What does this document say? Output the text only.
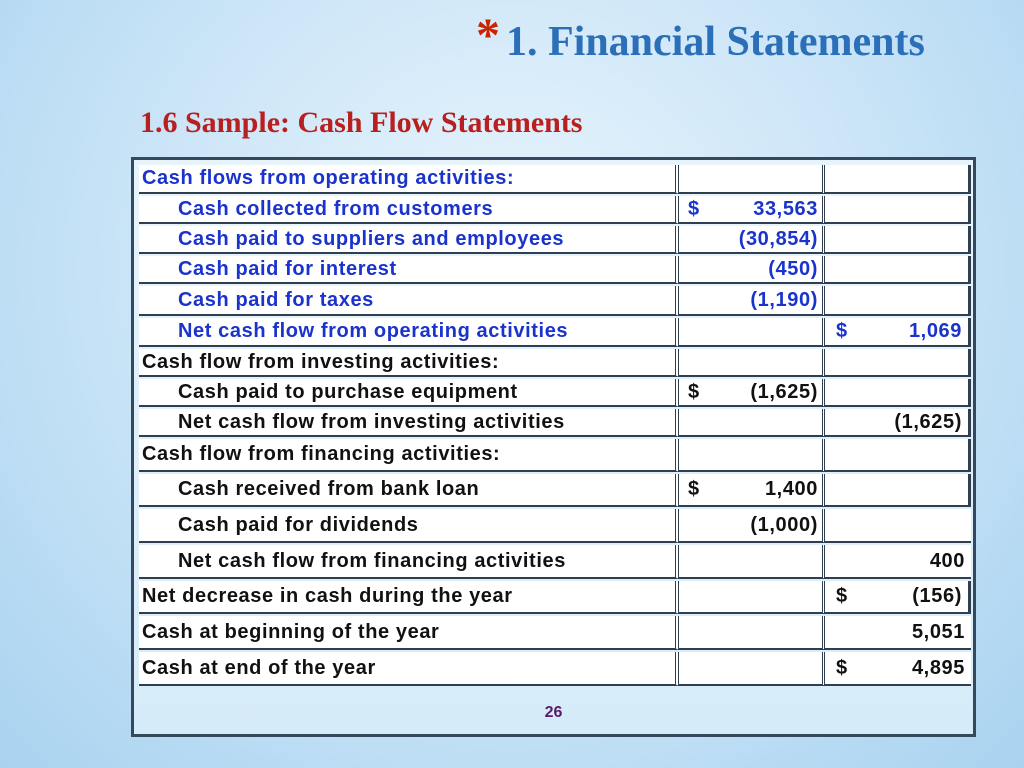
* 1. Financial Statements
1.6 Sample: Cash Flow Statements
Cash flows from operating activities:	

Cash collected from customers	$ 33,563	

Cash paid to suppliers and employees	(30,854)	

Cash paid for interest	(450)	

Cash paid for taxes	(1,190)	

Net cash flow from operating activities		$ 1,069

Cash flow from investing activities:	

Cash paid to purchase equipment	$ (1,625)	

Net cash flow from investing activities		(1,625)

Cash flow from financing activities:	

Cash received from bank loan	$ 1,400	

Cash paid for dividends	(1,000)	

Net cash flow from financing activities		400

Net decrease in cash during the year		$ (156)

Cash at beginning of the year		5,051

Cash at end of the year		$ 4,895
26
